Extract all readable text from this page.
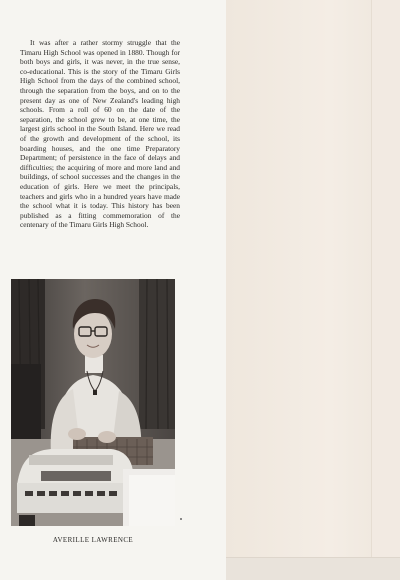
It was after a rather stormy struggle that the Timaru High School was opened in 1880. Though for both boys and girls, it was never, in the true sense, co-educational. This is the story of the Timaru Girls High School from the days of the combined school, through the separation from the boys, and on to the present day as one of New Zealand's leading high schools. From a roll of 60 on the date of the separation, the school grew to be, at one time, the largest girls school in the South Island. Here we read of the growth and development of the school, its boarding houses, and the one time Preparatory Department; of persistence in the face of delays and difficulties; the acquiring of more and more land and buildings, of school successes and the changes in the education of girls. Here we meet the principals, teachers and girls who in a hundred years have made the school what it is today. This history has been published as a fitting commemoration of the centenary of the Timaru Girls High School.

AVERILLE LAWRENCE
